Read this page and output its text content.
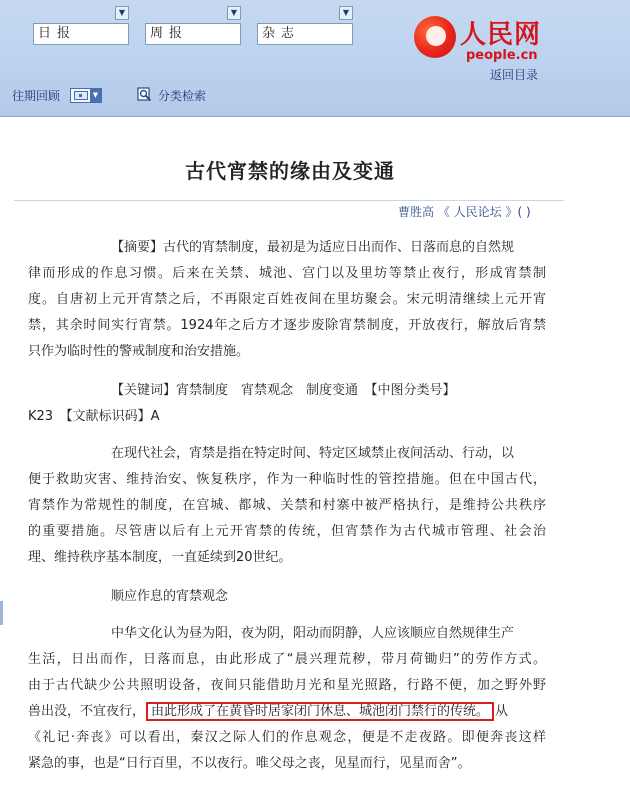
▼
日报
▼
周报
▼
杂志	人民网
people.cn
返回目录
往期回顾	▼	分类检索
古代宵禁的缘由及变通
曹胜高 《 人民论坛 》( )
【摘要】古代的宵禁制度，最初是为适应日出而作、日落而息的自然规
律而形成的作息习惯。后来在关禁、城池、宫门以及里坊等禁止夜行，形成宵禁制
度。自唐初上元开宵禁之后，不再限定百姓夜间在里坊聚会。宋元明清继续上元开宵
禁，其余时间实行宵禁。1924年之后方才逐步废除宵禁制度，开放夜行，解放后宵禁
只作为临时性的警戒制度和治安措施。
【关键词】宵禁制度　宵禁观念　制度变通　【中图分类号】
K23　【文献标识码】A
在现代社会，宵禁是指在特定时间、特定区域禁止夜间活动、行动，以
便于救助灾害、维持治安、恢复秩序，作为一种临时性的管控措施。但在中国古代，
宵禁作为常规性的制度，在宫城、都城、关禁和村寨中被严格执行，是维持公共秩序
的重要措施。尽管唐以后有上元开宵禁的传统，但宵禁作为古代城市管理、社会治
理、维持秩序基本制度，一直延续到20世纪。
顺应作息的宵禁观念
中华文化认为昼为阳，夜为阴，阳动而阴静，人应该顺应自然规律生产
生活，日出而作，日落而息，由此形成了“晨兴理荒秽，带月荷锄归”的劳作方式。
由于古代缺少公共照明设备，夜间只能借助月光和星光照路，行路不便，加之野外野
兽出没，不宜夜行， 由此形成了在黄昏时居家闭门休息、城池闭门禁行的传统。 从
《礼记·奔丧》可以看出，秦汉之际人们的作息观念，便是不走夜路。即便奔丧这样
紧急的事，也是“日行百里，不以夜行。唯父母之丧，见星而行，见星而舍”。
